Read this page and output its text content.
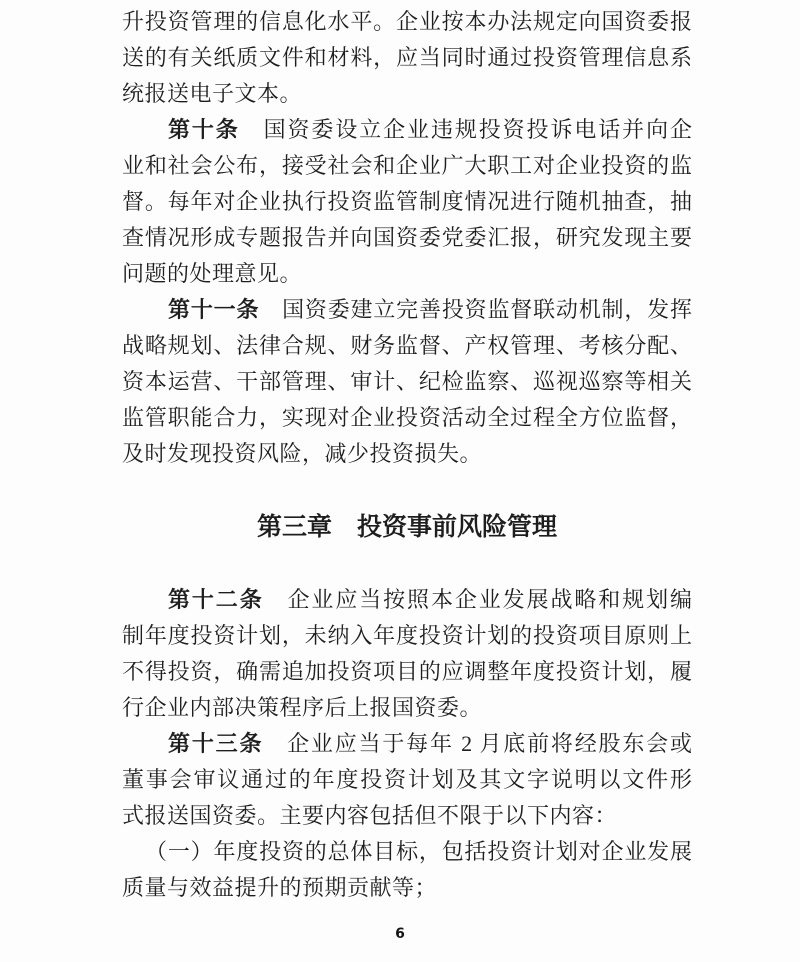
升投资管理的信息化水平。企业按本办法规定向国资委报
送的有关纸质文件和材料，应当同时通过投资管理信息系
统报送电子文本。
第十条　国资委设立企业违规投资投诉电话并向企
业和社会公布，接受社会和企业广大职工对企业投资的监
督。每年对企业执行投资监管制度情况进行随机抽查，抽
查情况形成专题报告并向国资委党委汇报，研究发现主要
问题的处理意见。
第十一条　国资委建立完善投资监督联动机制，发挥
战略规划、法律合规、财务监督、产权管理、考核分配、
资本运营、干部管理、审计、纪检监察、巡视巡察等相关
监管职能合力，实现对企业投资活动全过程全方位监督，
及时发现投资风险，减少投资损失。
第三章　投资事前风险管理
第十二条　企业应当按照本企业发展战略和规划编
制年度投资计划，未纳入年度投资计划的投资项目原则上
不得投资，确需追加投资项目的应调整年度投资计划，履
行企业内部决策程序后上报国资委。
第十三条　企业应当于每年 2 月底前将经股东会或
董事会审议通过的年度投资计划及其文字说明以文件形
式报送国资委。主要内容包括但不限于以下内容：
（一）年度投资的总体目标，包括投资计划对企业发展
质量与效益提升的预期贡献等；
6
